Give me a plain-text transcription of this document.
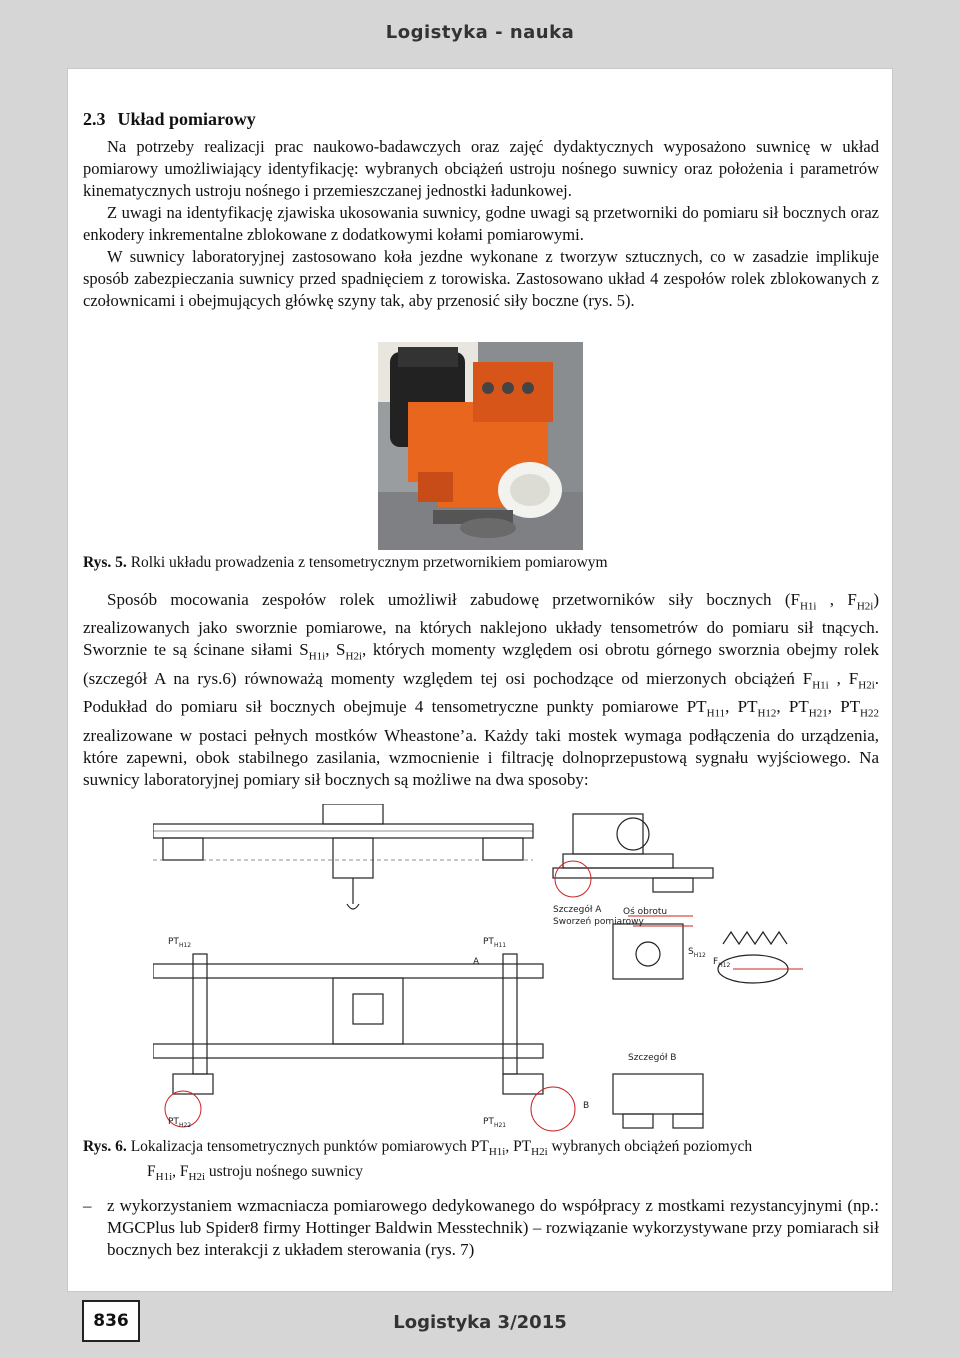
Logistyka - nauka
2.3 Układ pomiarowy

Na potrzeby realizacji prac naukowo-badawczych oraz zajęć dydaktycznych wyposażono suwnicę w układ pomiarowy umożliwiający identyfikację: wybranych obciążeń ustroju nośnego suwnicy oraz położenia i parametrów kinematycznych ustroju nośnego i przemieszczanej jednostki ładunkowej.

Z uwagi na identyfikację zjawiska ukosowania suwnicy, godne uwagi są przetworniki do pomiaru sił bocznych oraz enkodery inkrementalne zblokowane z dodatkowymi kołami pomiarowymi.

W suwnicy laboratoryjnej zastosowano koła jezdne wykonane z tworzyw sztucznych, co w zasadzie implikuje sposób zabezpieczania suwnicy przed spadnięciem z torowiska. Zastosowano układ 4 zespołów rolek zblokowanych z czołownicami i obejmujących główkę szyny tak, aby przenosić siły boczne (rys. 5).

Rys. 5. Rolki układu prowadzenia z tensometrycznym przetwornikiem pomiarowym

Sposób mocowania zespołów rolek umożliwił zabudowę przetworników siły bocznych ($F_{H1i}$ , $F_{H2i}$) zrealizowanych jako sworznie pomiarowe, na których naklejono układy tensometrów do pomiaru sił tnących. Sworznie te są ścinane siłami $S_{H1i}$, $S_{H2i}$, których momenty względem osi obrotu górnego sworznia obejmy rolek (szczegół A na rys.6) równoważą momenty względem tej osi pochodzące od mierzonych obciążeń $F_{H1i}$ , $F_{H2i}$. Podukład do pomiaru sił bocznych obejmuje 4 tensometryczne punkty pomiarowe $PT_{H11}$, $PT_{H12}$, $PT_{H21}$, $PT_{H22}$ zrealizowane w postaci pełnych mostków Wheastone’a. Każdy taki mostek wymaga podłączenia do urządzenia, które zapewni, obok stabilnego zasilania, wzmocnienie i filtrację dolnoprzepustową sygnału wyjściowego. Na suwnicy laboratoryjnej pomiary sił bocznych są możliwe na dwa sposoby:

Szczegół A
Szczegół B
Oś obrotu
Sworzeń pomiarowy
A
B
$PT_{H12}$	$PT_{H11}$
$PT_{H22}$	$PT_{H21}$
$S_{H12}$
$F_{H12}$
Rys. 6. Lokalizacja tensometrycznych punktów pomiarowych $PT_{H1i}$, $PT_{H2i}$ wybranych obciążeń poziomych
$F_{H1i}$, $F_{H2i}$ ustroju nośnego suwnicy
– z wykorzystaniem wzmacniacza pomiarowego dedykowanego do współpracy z mostkami rezystancyjnymi (np.: MGCPlus lub Spider8 firmy Hottinger Baldwin Messtechnik) – rozwiązanie wykorzystywane przy pomiarach sił bocznych bez interakcji z układem sterowania (rys. 7)
836	Logistyka 3/2015
